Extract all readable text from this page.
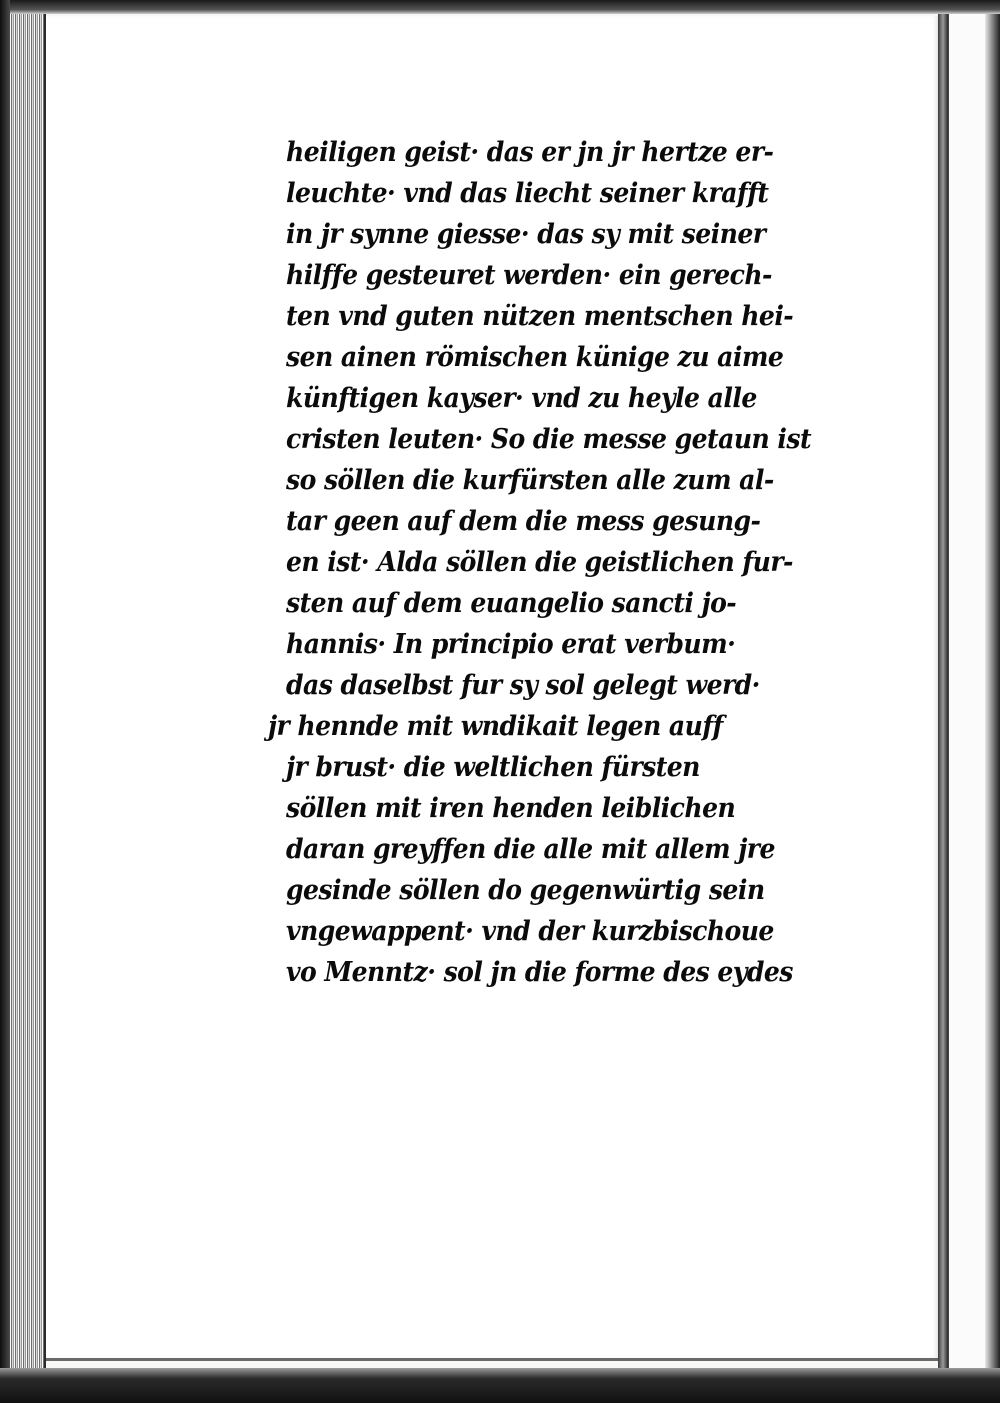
heiligen geist· das er jn jr hertze er-
leuchte· vnd das liecht seiner krafft
in jr synne giesse· das sy mit seiner
hilffe gesteuret werden· ein gerech-
ten vnd guten nützen mentschen hei-
sen ainen römischen künige zu aime
künftigen kayser· vnd zu heyle alle
cristen leuten· So die messe getaun ist
so söllen die kurfürsten alle zum al-
tar geen auf dem die mess gesung-
en ist· Alda söllen die geistlichen fur-
sten auf dem euangelio sancti jo-
hannis· In principio erat verbum·
das daselbst fur sy sol gelegt werd·
jr hennde mit wndikait legen auff
jr brust· die weltlichen fürsten
söllen mit iren henden leiblichen
daran greyffen die alle mit allem jre
gesinde söllen do gegenwürtig sein
vngewappent· vnd der kurzbischoue
vo Menntz· sol jn die forme des eydes
